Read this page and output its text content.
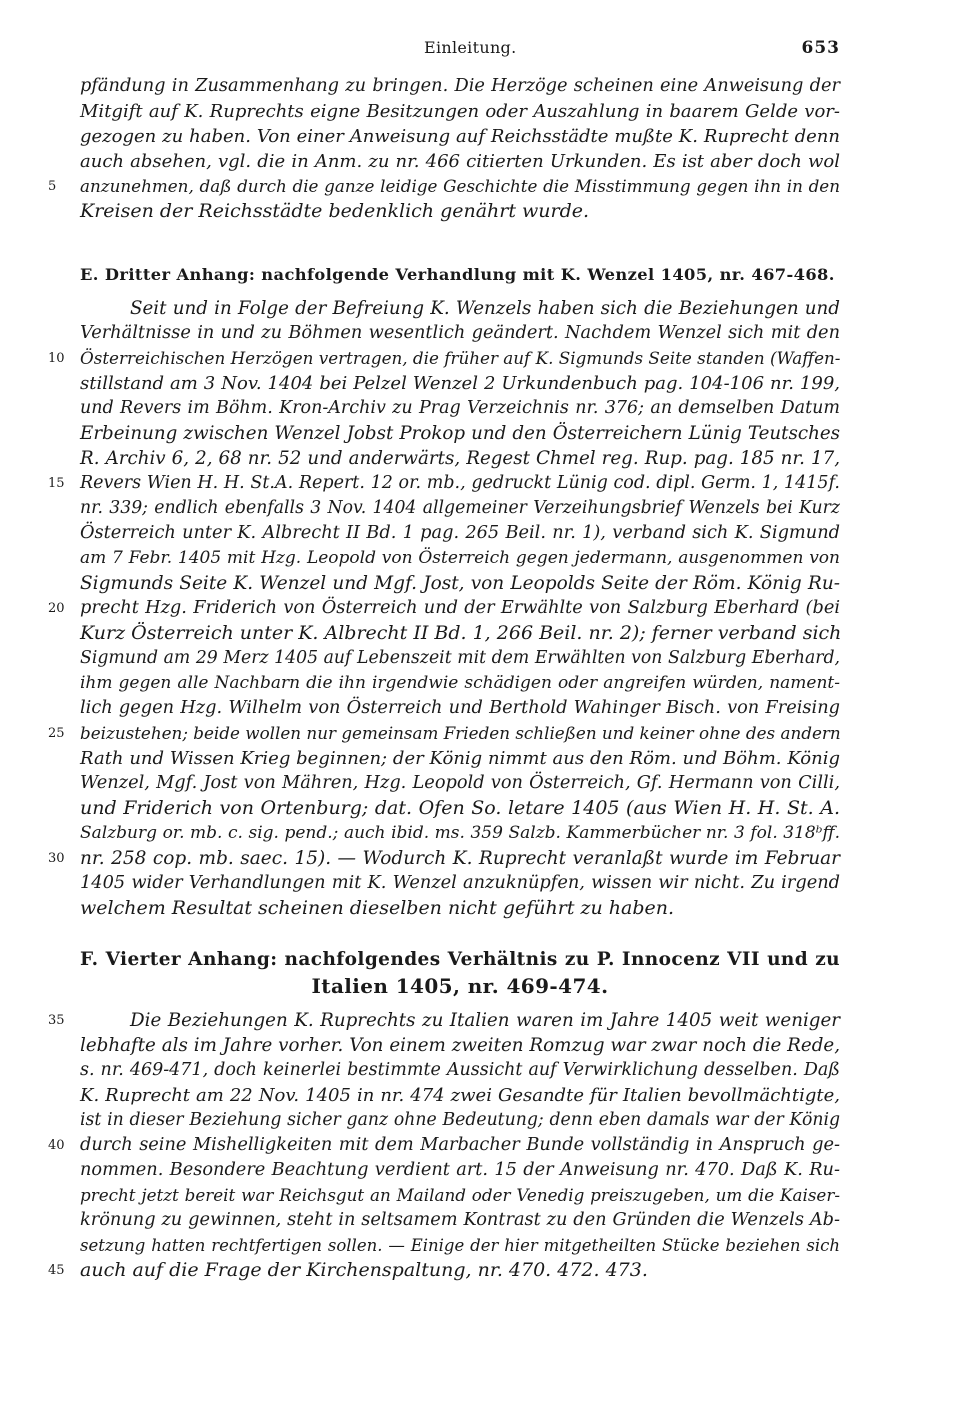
Einleitung.	653
pfändung in Zusammenhang zu bringen. Die Herzöge scheinen eine Anweisung der
Mitgift auf K. Ruprechts eigne Besitzungen oder Auszahlung in baarem Gelde vor-
gezogen zu haben. Von einer Anweisung auf Reichsstädte mußte K. Ruprecht denn
auch absehen, vgl. die in Anm. zu nr. 466 citierten Urkunden. Es ist aber doch wol
5	anzunehmen, daß durch die ganze leidige Geschichte die Misstimmung gegen ihn in den
Kreisen der Reichsstädte bedenklich genährt wurde.
E. Dritter Anhang: nachfolgende Verhandlung mit K. Wenzel 1405, nr. 467-468.
Seit und in Folge der Befreiung K. Wenzels haben sich die Beziehungen und
Verhältnisse in und zu Böhmen wesentlich geändert. Nachdem Wenzel sich mit den
10 Österreichischen Herzögen vertragen, die früher auf K. Sigmunds Seite standen (Waffen-
stillstand am 3 Nov. 1404 bei Pelzel Wenzel 2 Urkundenbuch pag. 104-106 nr. 199,
und Revers im Böhm. Kron-Archiv zu Prag Verzeichnis nr. 376; an demselben Datum
Erbeinung zwischen Wenzel Jobst Prokop und den Österreichern Lünig Teutsches
R. Archiv 6, 2, 68 nr. 52 und anderwärts, Regest Chmel reg. Rup. pag. 185 nr. 17,
15 Revers Wien H. H. St.A. Repert. 12 or. mb., gedruckt Lünig cod. dipl. Germ. 1, 1415f.
nr. 339; endlich ebenfalls 3 Nov. 1404 allgemeiner Verzeihungsbrief Wenzels bei Kurz
Österreich unter K. Albrecht II Bd. 1 pag. 265 Beil. nr. 1), verband sich K. Sigmund
am 7 Febr. 1405 mit Hzg. Leopold von Österreich gegen jedermann, ausgenommen von
Sigmunds Seite K. Wenzel und Mgf. Jost, von Leopolds Seite der Röm. König Ru-
20 precht Hzg. Friderich von Österreich und der Erwählte von Salzburg Eberhard (bei
Kurz Österreich unter K. Albrecht II Bd. 1, 266 Beil. nr. 2); ferner verband sich
Sigmund am 29 Merz 1405 auf Lebenszeit mit dem Erwählten von Salzburg Eberhard,
ihm gegen alle Nachbarn die ihn irgendwie schädigen oder angreifen würden, nament-
lich gegen Hzg. Wilhelm von Österreich und Berthold Wahinger Bisch. von Freising
25 beizustehen; beide wollen nur gemeinsam Frieden schließen und keiner ohne des andern
Rath und Wissen Krieg beginnen; der König nimmt aus den Röm. und Böhm. König
Wenzel, Mgf. Jost von Mähren, Hzg. Leopold von Österreich, Gf. Hermann von Cilli,
und Friderich von Ortenburg; dat. Ofen So. letare 1405 (aus Wien H. H. St. A.
Salzburg or. mb. c. sig. pend.; auch ibid. ms. 359 Salzb. Kammerbücher nr. 3 fol. 318ᵇff.
30 nr. 258 cop. mb. saec. 15). — Wodurch K. Ruprecht veranlaßt wurde im Februar
1405 wider Verhandlungen mit K. Wenzel anzuknüpfen, wissen wir nicht. Zu irgend
welchem Resultat scheinen dieselben nicht geführt zu haben.
F. Vierter Anhang: nachfolgendes Verhältnis zu P. Innocenz VII und zu
Italien 1405, nr. 469-474.
35	Die Beziehungen K. Ruprechts zu Italien waren im Jahre 1405 weit weniger
lebhafte als im Jahre vorher. Von einem zweiten Romzug war zwar noch die Rede,
s. nr. 469-471, doch keinerlei bestimmte Aussicht auf Verwirklichung desselben. Daß
K. Ruprecht am 22 Nov. 1405 in nr. 474 zwei Gesandte für Italien bevollmächtigte,
ist in dieser Beziehung sicher ganz ohne Bedeutung; denn eben damals war der König
40 durch seine Mishelligkeiten mit dem Marbacher Bunde vollständig in Anspruch ge-
nommen. Besondere Beachtung verdient art. 15 der Anweisung nr. 470. Daß K. Ru-
precht jetzt bereit war Reichsgut an Mailand oder Venedig preiszugeben, um die Kaiser-
krönung zu gewinnen, steht in seltsamem Kontrast zu den Gründen die Wenzels Ab-
setzung hatten rechtfertigen sollen. — Einige der hier mitgetheilten Stücke beziehen sich
45 auch auf die Frage der Kirchenspaltung, nr. 470. 472. 473.
